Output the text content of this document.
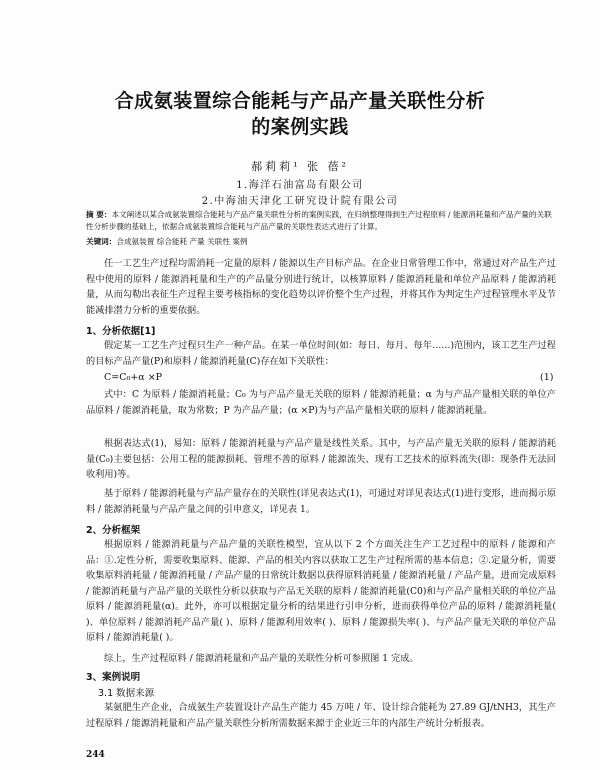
合成氨装置综合能耗与产品产量关联性分析
的案例实践
郝莉莉¹ 张 蓓²
1.海洋石油富岛有限公司
2.中海油天津化工研究设计院有限公司
摘 要：本文阐述以某合成氨装置综合能耗与产品产量关联性分析的案例实践，在归纳整理得到生产过程原料 / 能源消耗量和产品产量的关联性分析步骤的基础上，依据合成氨装置综合能耗与产品产量的关联性表达式进行了计算。
关键词：合成氨装置 综合能耗 产量 关联性 案例
任一工艺生产过程均需消耗一定量的原料 / 能源以生产目标产品。在企业日常管理工作中，常通过对产品生产过程中使用的原料 / 能源消耗量和生产的产品量分别进行统计，以核算原料 / 能源消耗量和单位产品原料 / 能源消耗量，从而勾勒出表征生产过程主要考核指标的变化趋势以评价整个生产过程，并将其作为判定生产过程管理水平及节能减排潜力分析的重要依据。
1、分析依据[1]
假定某一工艺生产过程只生产一种产品。在某一单位时间(如：每日、每月、每年……)范围内，该工艺生产过程的目标产品产量(P)和原料 / 能源消耗量(C)存在如下关联性：
C=C₀+α ×P	(1)
式中：C 为原料 / 能源消耗量；C₀ 为与产品产量无关联的原料 / 能源消耗量；α 为与产品产量相关联的单位产品原料 / 能源消耗量，取为常数；P 为产品产量；(α ×P)为与产品产量相关联的原料 / 能源消耗量。
根据表达式(1)，易知：原料 / 能源消耗量与产品产量是线性关系。其中，与产品产量无关联的原料 / 能源消耗量(C₀)主要包括：公用工程的能源损耗、管理不善的原料 / 能源流失、现有工艺技术的原料流失(即：现条件无法回收利用)等。
基于原料 / 能源消耗量与产品产量存在的关联性(详见表达式(1)，可通过对详见表达式(1)进行变形，进而揭示原料 / 能源消耗量与产品产量之间的引申意义，详见表 1。
2、分析框架
根据原料 / 能源消耗量与产品产量的关联性模型，宜从以下 2 个方面关注生产工艺过程中的原料 / 能源和产品：①.定性分析，需要收集原料、能源、产品的相关内容以获取工艺生产过程所需的基本信息；②.定量分析，需要收集原料消耗量 / 能源消耗量 / 产品产量的日常统计数据以获得原料消耗量 / 能源消耗量 / 产品产量，进而完成原料 / 能源消耗量与产品产量的关联性分析以获取与产品无关联的原料 / 能源消耗量(C0)和与产品产量相关联的单位产品原料 / 能源消耗量(α)。此外，亦可以根据定量分析的结果进行引申分析，进而获得单位产品的原料 / 能源消耗量( )、单位原料 / 能源消耗产品产量( )、原料 / 能源利用效率( )、原料 / 能源损失率( )、与产品产量无关联的单位产品原料 / 能源消耗量( )。
综上，生产过程原料 / 能源消耗量和产品产量的关联性分析可参照图 1 完成。
3、案例说明
3.1 数据来源
某氨肥生产企业，合成氨生产装置设计产品生产能力 45 万吨 / 年、设计综合能耗为 27.89 GJ/tNH3，其生产过程原料 / 能源消耗量和产品产量关联性分析所需数据来源于企业近三年的内部生产统计分析报表。
244
